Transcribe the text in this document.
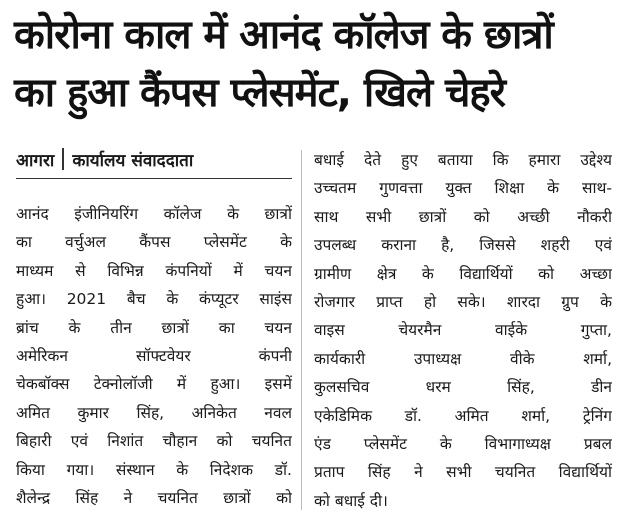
कोरोना काल में आनंद कॉलेज के छात्रों
का हुआ कैंपस प्लेसमेंट, खिले चेहरे
आगरा कार्यालय संवाददाता
आनंद इंजीनियरिंग कॉलेज के छात्रों
का वर्चुअल कैंपस प्लेसमेंट के
माध्यम से विभिन्न कंपनियों में चयन
हुआ। 2021 बैच के कंप्यूटर साइंस
ब्रांच के तीन छात्रों का चयन
अमेरिकन सॉफ्टवेयर कंपनी
चेकबॉक्स टेक्नोलॉजी में हुआ। इसमें
अमित कुमार सिंह, अनिकेत नवल
बिहारी एवं निशांत चौहान को चयनित
किया गया। संस्थान के निदेशक डॉ.
शैलेन्द्र सिंह ने चयनित छात्रों को
बधाई देते हुए बताया कि हमारा उद्देश्य
उच्चतम गुणवत्ता युक्त शिक्षा के साथ-
साथ सभी छात्रों को अच्छी नौकरी
उपलब्ध कराना है, जिससे शहरी एवं
ग्रामीण क्षेत्र के विद्यार्थियों को अच्छा
रोजगार प्राप्त हो सके। शारदा ग्रुप के
वाइस चेयरमैन वाईके गुप्ता,
कार्यकारी उपाध्यक्ष वीके शर्मा,
कुलसचिव धरम सिंह, डीन
एकेडिमिक डॉ. अमित शर्मा, ट्रेनिंग
एंड प्लेसमेंट के विभागाध्यक्ष प्रबल
प्रताप सिंह ने सभी चयनित विद्यार्थियों
को बधाई दी।
